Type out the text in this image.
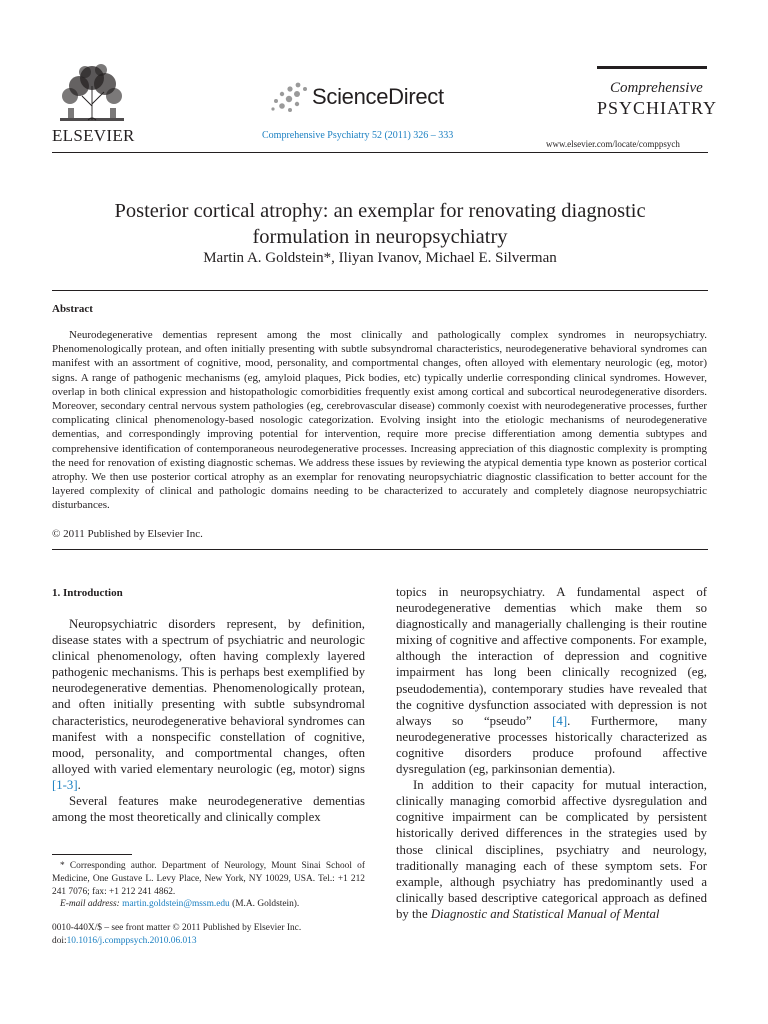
ELSEVIER
ScienceDirect
Comprehensive Psychiatry 52 (2011) 326 – 333
Comprehensive
PSYCHIATRY
www.elsevier.com/locate/comppsych
Posterior cortical atrophy: an exemplar for renovating diagnostic
formulation in neuropsychiatry
Martin A. Goldstein*, Iliyan Ivanov, Michael E. Silverman
Abstract

Neurodegenerative dementias represent among the most clinically and pathologically complex syndromes in neuropsychiatry. Phenomenologically protean, and often initially presenting with subtle subsyndromal characteristics, neurodegenerative behavioral syndromes can manifest with an assortment of cognitive, mood, personality, and comportmental changes, often alloyed with elementary neurologic (eg, motor) signs. A range of pathogenic mechanisms (eg, amyloid plaques, Pick bodies, etc) typically underlie corresponding clinical syndromes. However, overlap in both clinical expression and histopathologic comorbidities frequently exist among cortical and subcortical neurodegenerative disorders. Moreover, secondary central nervous system pathologies (eg, cerebrovascular disease) commonly coexist with neurodegenerative processes, further complicating clinical phenomenology-based nosologic categorization. Evolving insight into the etiologic mechanisms of neurodegenerative dementias, and correspondingly improving potential for intervention, require more precise differentiation among dementia subtypes and comprehensive identification of contemporaneous neurodegenerative processes. Increasing appreciation of this diagnostic complexity is prompting the need for renovation of existing diagnostic schemas. We address these issues by reviewing the atypical dementia type known as posterior cortical atrophy. We then use posterior cortical atrophy as an exemplar for renovating neuropsychiatric diagnostic classification to better account for the layered complexity of clinical and pathologic domains needing to be characterized to accurately and completely diagnose neuropsychiatric disturbances.

© 2011 Published by Elsevier Inc.
1. Introduction

Neuropsychiatric disorders represent, by definition, disease states with a spectrum of psychiatric and neurologic clinical phenomenology, often having complexly layered pathogenic mechanisms. This is perhaps best exemplified by neurodegenerative dementias. Phenomenologically protean, and often initially presenting with subtle subsyndromal characteristics, neurodegenerative behavioral syndromes can manifest with a nonspecific constellation of cognitive, mood, personality, and comportmental changes, often alloyed with varied elementary neurologic (eg, motor) signs [1-3].

Several features make neurodegenerative dementias among the most theoretically and clinically complex

* Corresponding author. Department of Neurology, Mount Sinai School of Medicine, One Gustave L. Levy Place, New York, NY 10029, USA. Tel.: +1 212 241 7076; fax: +1 212 241 4862.

E-mail address: martin.goldstein@mssm.edu (M.A. Goldstein).

0010-440X/$ – see front matter © 2011 Published by Elsevier Inc.
doi:10.1016/j.comppsych.2010.06.013

topics in neuropsychiatry. A fundamental aspect of neurodegenerative dementias which make them so diagnostically and managerially challenging is their routine mixing of cognitive and affective components. For example, although the interaction of depression and cognitive impairment has long been clinically recognized (eg, pseudodementia), contemporary studies have revealed that the cognitive dysfunction associated with depression is not always so “pseudo” [4]. Furthermore, many neurodegenerative processes historically characterized as cognitive disorders produce profound affective dysregulation (eg, parkinsonian dementia).

In addition to their capacity for mutual interaction, clinically managing comorbid affective dysregulation and cognitive impairment can be complicated by persistent historically derived differences in the strategies used by those clinical disciplines, psychiatry and neurology, traditionally managing each of these symptom sets. For example, although psychiatry has predominantly used a clinically based descriptive categorical approach as defined by the Diagnostic and Statistical Manual of Mental
